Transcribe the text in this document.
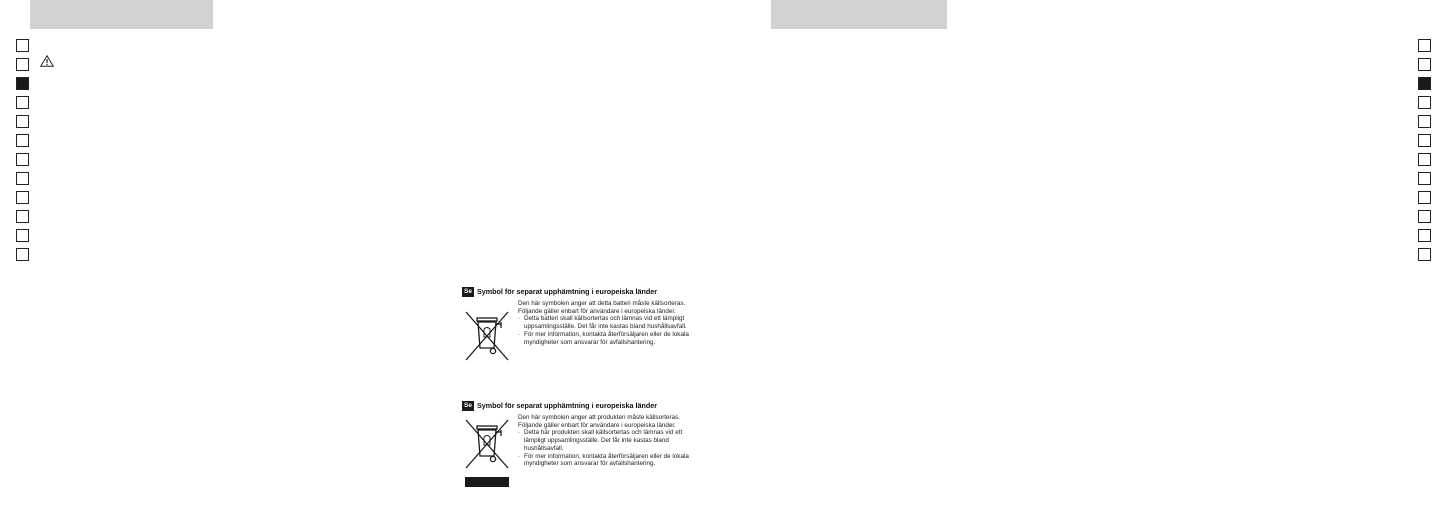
Se Symbol för separat upphämtning i europeiska länder

Den här symbolen anger att detta batteri måste källsorteras.

Följande gäller enbart för användare i europeiska länder.

· Detta batteri skall källsortertas och lämnas vid ett lämpligt uppsamlingsställe. Det får inte kastas bland hushållsavfall.
· För mer information, kontakta återförsäljaren eller de lokala myndigheter som ansvarar för avfallshantering.
Se Symbol för separat upphämtning i europeiska länder

Den här symbolen anger att produkten måste källsorteras.

Följande gäller enbart för användare i europeiska länder.

· Detta här produkten skall källsortertas och lämnas vid ett lämpligt uppsamlingsställe. Det får inte kastas bland hushållsavfall.
· För mer information, kontakta återförsäljaren eller de lokala myndigheter som ansvarar för avfallshantering.
